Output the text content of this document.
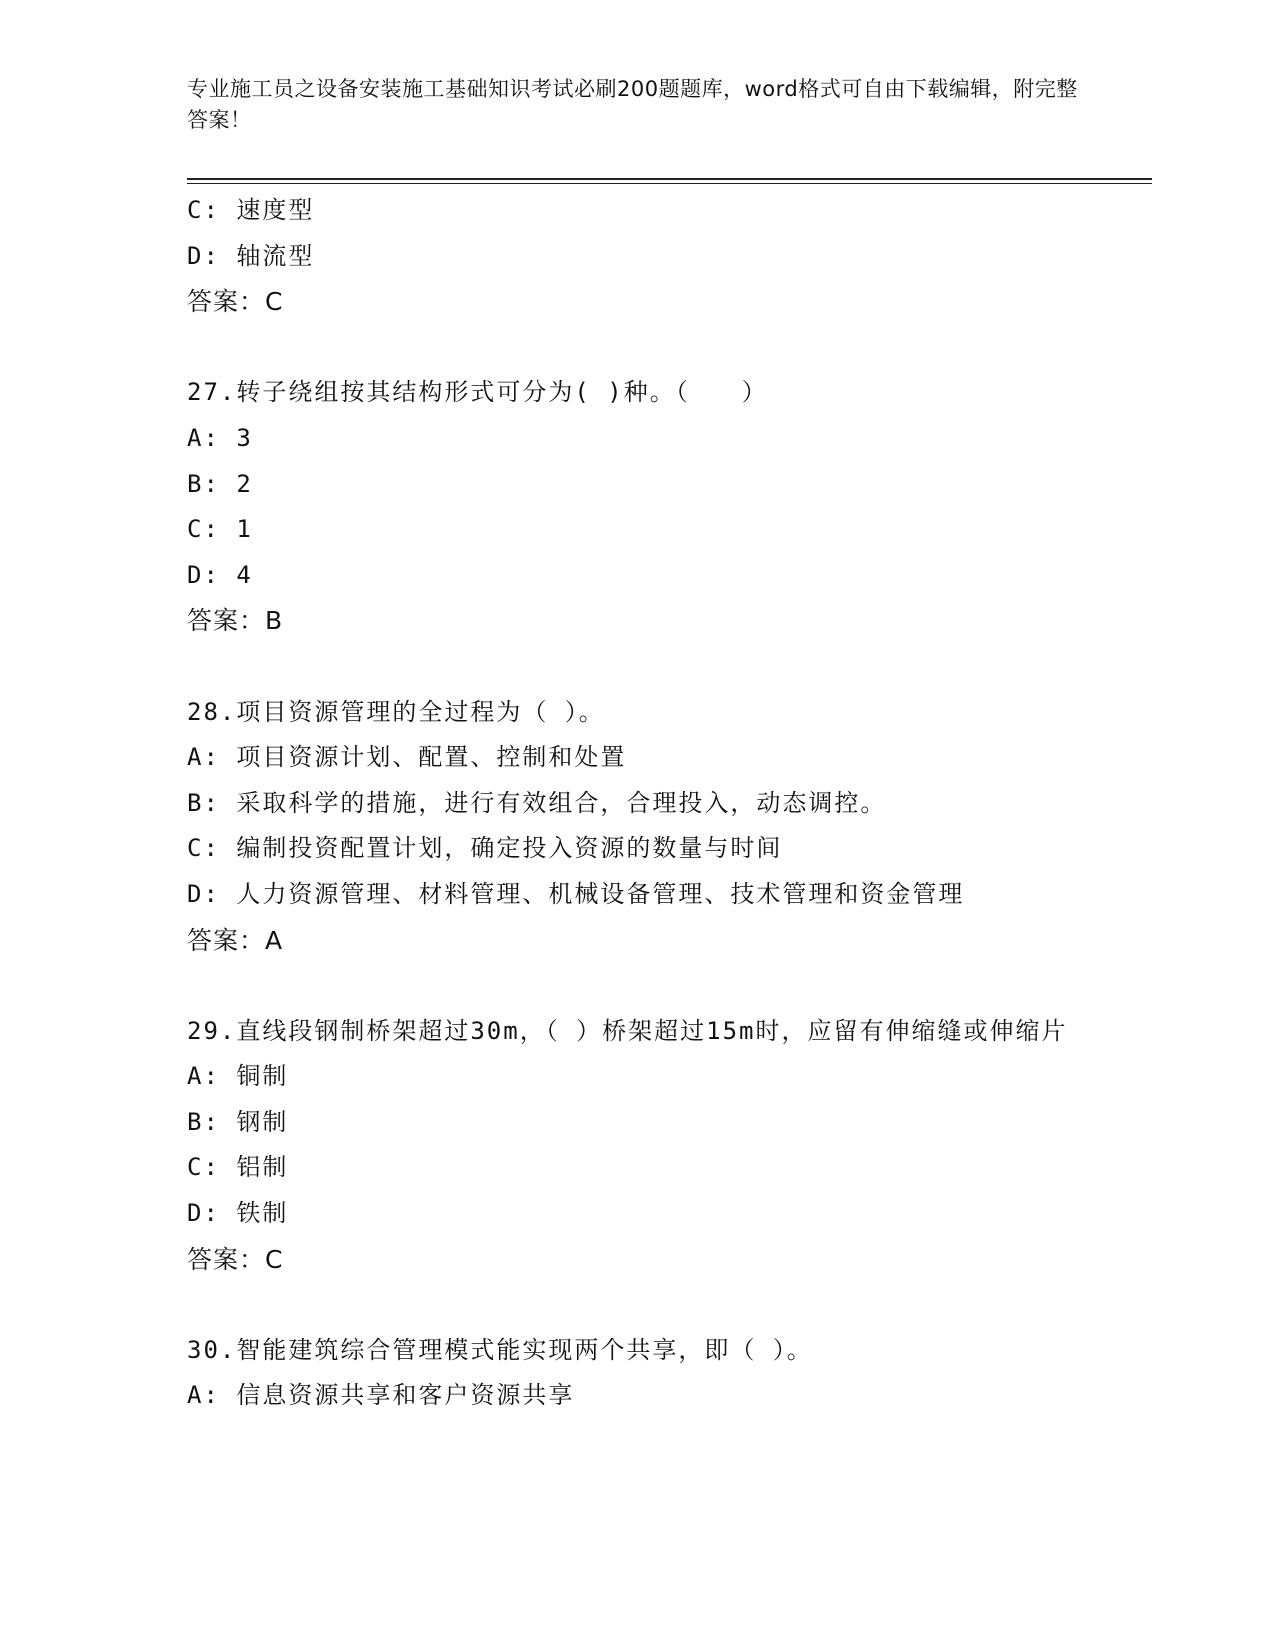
专业施工员之设备安装施工基础知识考试必刷200题题库，word格式可自由下载编辑，附完整答案！
C: 速度型
D: 轴流型
答案：C
27.转子绕组按其结构形式可分为( )种。（　　）
A: 3
B: 2
C: 1
D: 4
答案：B
28.项目资源管理的全过程为（ ）。
A: 项目资源计划、配置、控制和处置
B: 采取科学的措施，进行有效组合，合理投入，动态调控。
C: 编制投资配置计划，确定投入资源的数量与时间
D: 人力资源管理、材料管理、机械设备管理、技术管理和资金管理
答案：A
29.直线段钢制桥架超过30m，（ ）桥架超过15m时，应留有伸缩缝或伸缩片
A: 铜制
B: 钢制
C: 铝制
D: 铁制
答案：C
30.智能建筑综合管理模式能实现两个共享，即（ ）。
A: 信息资源共享和客户资源共享
